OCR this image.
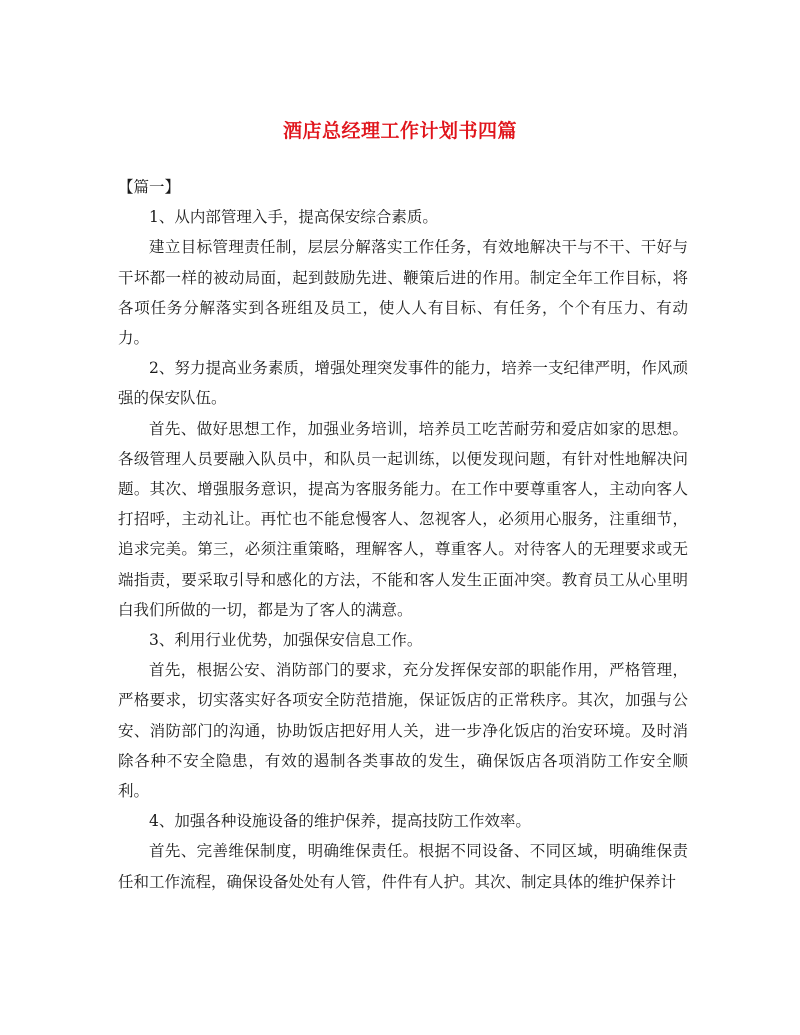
酒店总经理工作计划书四篇

【篇一】

1、从内部管理入手，提高保安综合素质。

建立目标管理责任制，层层分解落实工作任务，有效地解决干与不干、干好与干坏都一样的被动局面，起到鼓励先进、鞭策后进的作用。制定全年工作目标，将各项任务分解落实到各班组及员工，使人人有目标、有任务，个个有压力、有动力。

2、努力提高业务素质，增强处理突发事件的能力，培养一支纪律严明，作风顽强的保安队伍。

首先、做好思想工作，加强业务培训，培养员工吃苦耐劳和爱店如家的思想。各级管理人员要融入队员中，和队员一起训练，以便发现问题，有针对性地解决问题。其次、增强服务意识，提高为客服务能力。在工作中要尊重客人，主动向客人打招呼，主动礼让。再忙也不能怠慢客人、忽视客人，必须用心服务，注重细节，追求完美。第三，必须注重策略，理解客人，尊重客人。对待客人的无理要求或无端指责，要采取引导和感化的方法，不能和客人发生正面冲突。教育员工从心里明白我们所做的一切，都是为了客人的满意。

3、利用行业优势，加强保安信息工作。

首先，根据公安、消防部门的要求，充分发挥保安部的职能作用，严格管理，严格要求，切实落实好各项安全防范措施，保证饭店的正常秩序。其次，加强与公安、消防部门的沟通，协助饭店把好用人关，进一步净化饭店的治安环境。及时消除各种不安全隐患，有效的遏制各类事故的发生，确保饭店各项消防工作安全顺利。

4、加强各种设施设备的维护保养，提高技防工作效率。

首先、完善维保制度，明确维保责任。根据不同设备、不同区域，明确维保责任和工作流程，确保设备处处有人管，件件有人护。其次、制定具体的维护保养计
